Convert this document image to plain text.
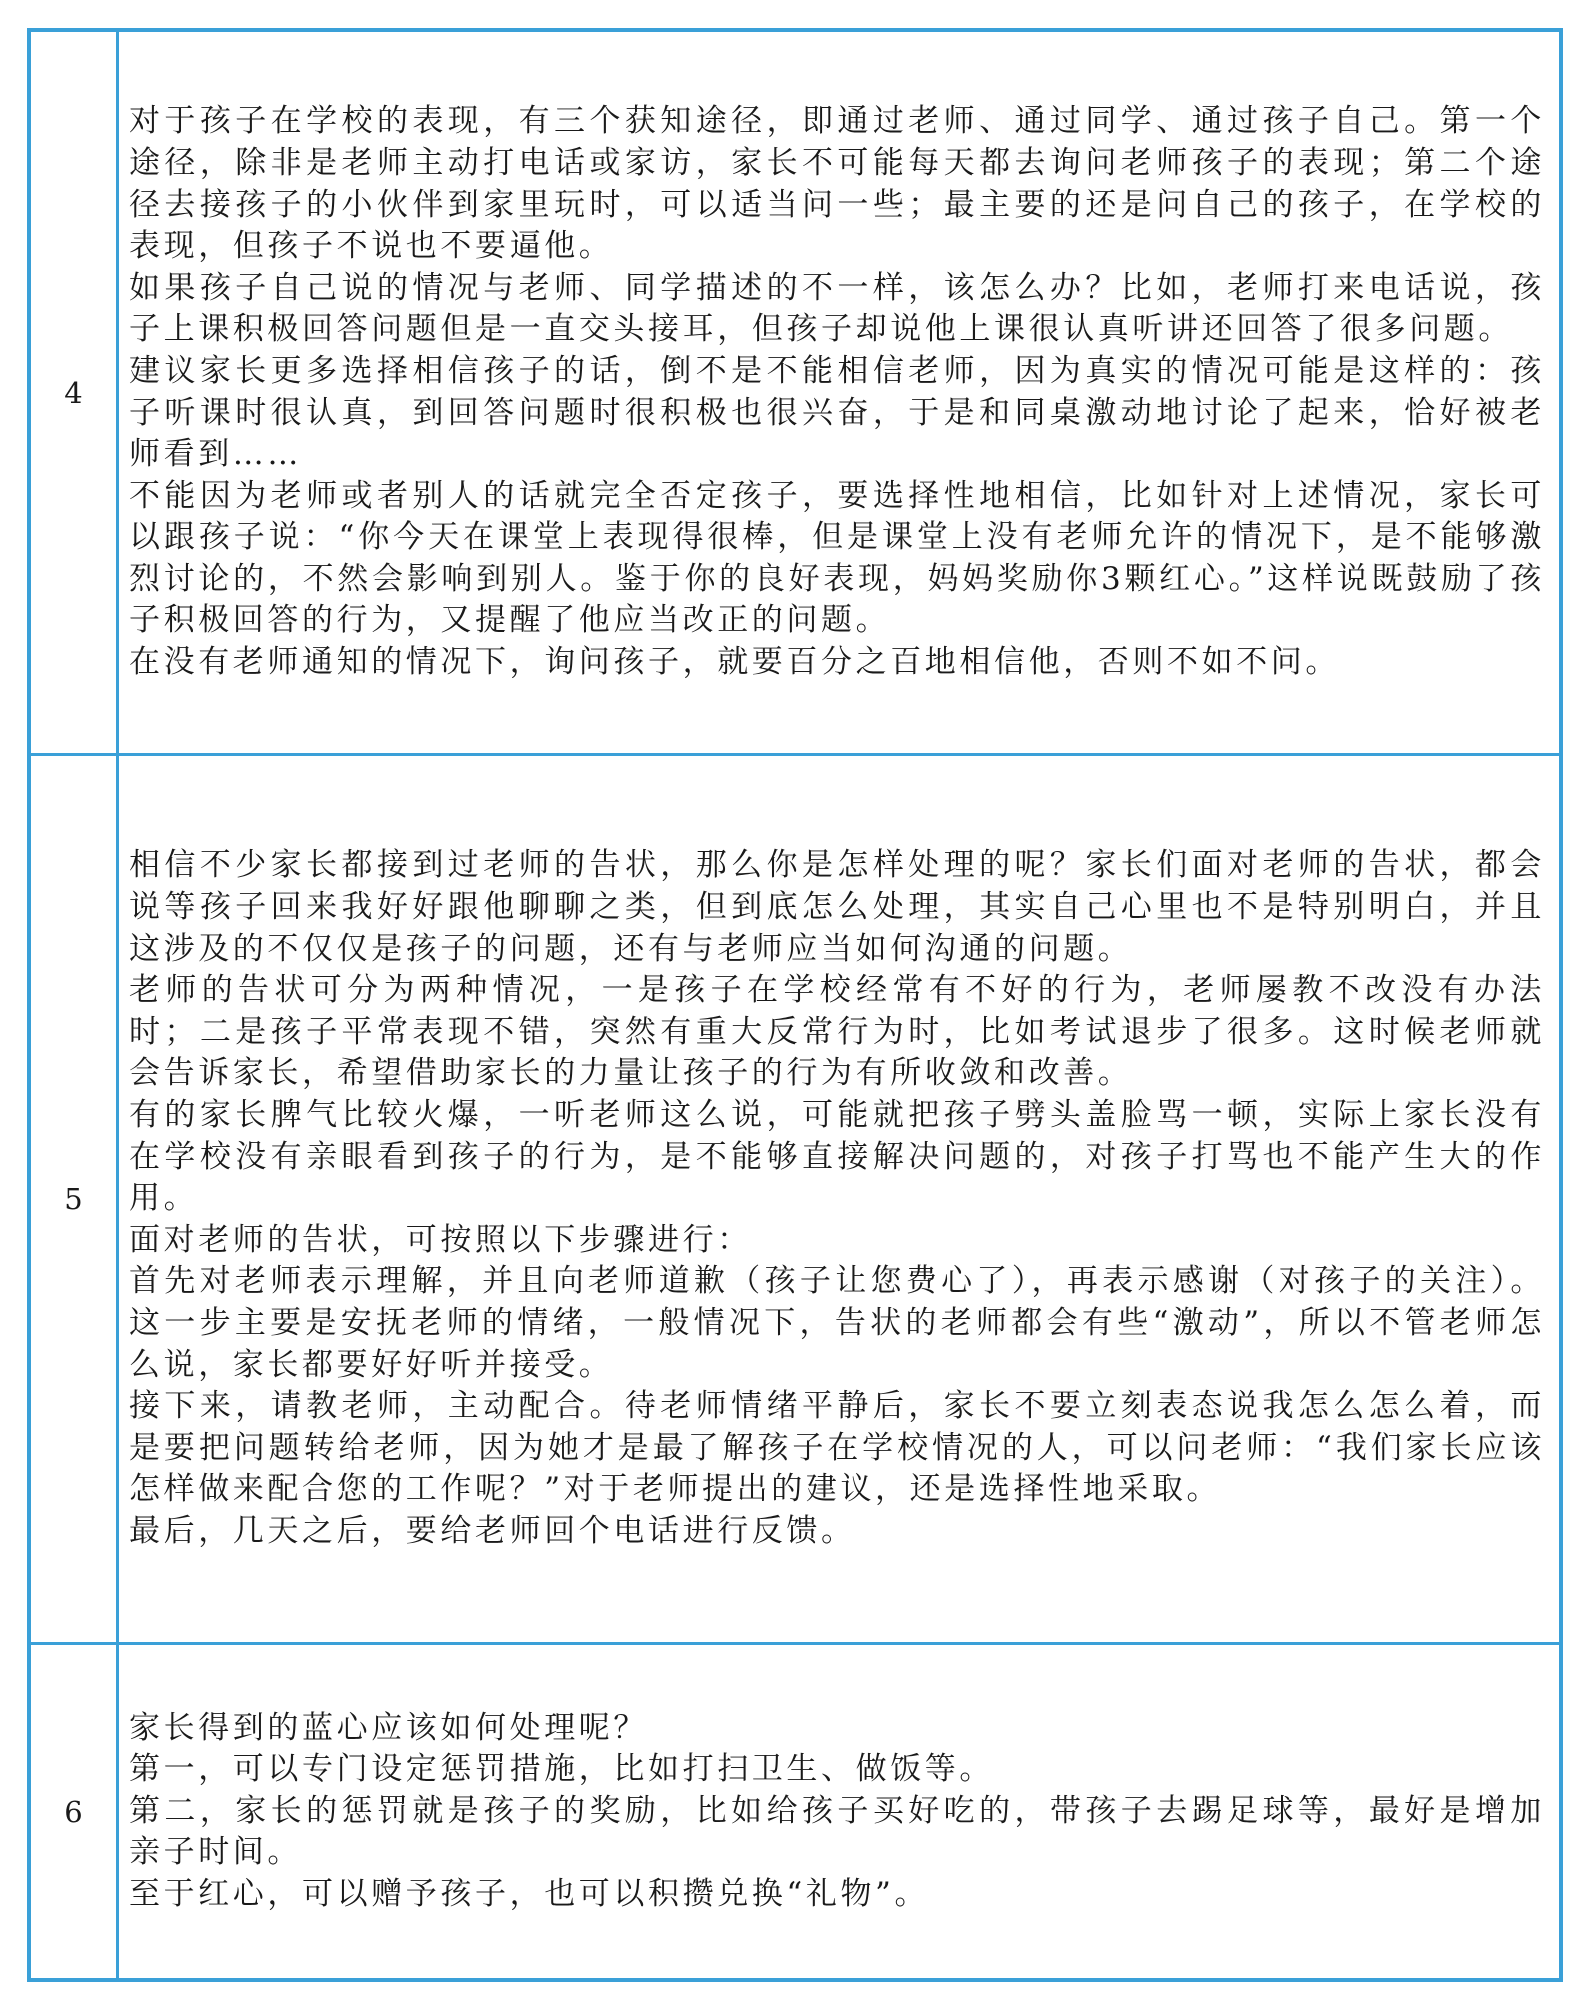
4

对于孩子在学校的表现，有三个获知途径，即通过老师、通过同学、通过孩子自己。第一个途径，除非是老师主动打电话或家访，家长不可能每天都去询问老师孩子的表现；第二个途径去接孩子的小伙伴到家里玩时，可以适当问一些；最主要的还是问自己的孩子，在学校的表现，但孩子不说也不要逼他。

如果孩子自己说的情况与老师、同学描述的不一样，该怎么办？比如，老师打来电话说，孩子上课积极回答问题但是一直交头接耳，但孩子却说他上课很认真听讲还回答了很多问题。

建议家长更多选择相信孩子的话，倒不是不能相信老师，因为真实的情况可能是这样的：孩子听课时很认真，到回答问题时很积极也很兴奋，于是和同桌激动地讨论了起来，恰好被老师看到……

不能因为老师或者别人的话就完全否定孩子，要选择性地相信，比如针对上述情况，家长可以跟孩子说：“你今天在课堂上表现得很棒，但是课堂上没有老师允许的情况下，是不能够激烈讨论的，不然会影响到别人。鉴于你的良好表现，妈妈奖励你3颗红心。”这样说既鼓励了孩子积极回答的行为，又提醒了他应当改正的问题。

在没有老师通知的情况下，询问孩子，就要百分之百地相信他，否则不如不问。

5

相信不少家长都接到过老师的告状，那么你是怎样处理的呢？家长们面对老师的告状，都会说等孩子回来我好好跟他聊聊之类，但到底怎么处理，其实自己心里也不是特别明白，并且这涉及的不仅仅是孩子的问题，还有与老师应当如何沟通的问题。

老师的告状可分为两种情况，一是孩子在学校经常有不好的行为，老师屡教不改没有办法时；二是孩子平常表现不错，突然有重大反常行为时，比如考试退步了很多。这时候老师就会告诉家长，希望借助家长的力量让孩子的行为有所收敛和改善。

有的家长脾气比较火爆，一听老师这么说，可能就把孩子劈头盖脸骂一顿，实际上家长没有在学校没有亲眼看到孩子的行为，是不能够直接解决问题的，对孩子打骂也不能产生大的作用。

面对老师的告状，可按照以下步骤进行：

首先对老师表示理解，并且向老师道歉（孩子让您费心了），再表示感谢（对孩子的关注）。这一步主要是安抚老师的情绪，一般情况下，告状的老师都会有些“激动”，所以不管老师怎么说，家长都要好好听并接受。

接下来，请教老师，主动配合。待老师情绪平静后，家长不要立刻表态说我怎么怎么着，而是要把问题转给老师，因为她才是最了解孩子在学校情况的人，可以问老师：“我们家长应该怎样做来配合您的工作呢？”对于老师提出的建议，还是选择性地采取。

最后，几天之后，要给老师回个电话进行反馈。

6

家长得到的蓝心应该如何处理呢？

第一，可以专门设定惩罚措施，比如打扫卫生、做饭等。

第二，家长的惩罚就是孩子的奖励，比如给孩子买好吃的，带孩子去踢足球等，最好是增加亲子时间。

至于红心，可以赠予孩子，也可以积攒兑换“礼物”。
